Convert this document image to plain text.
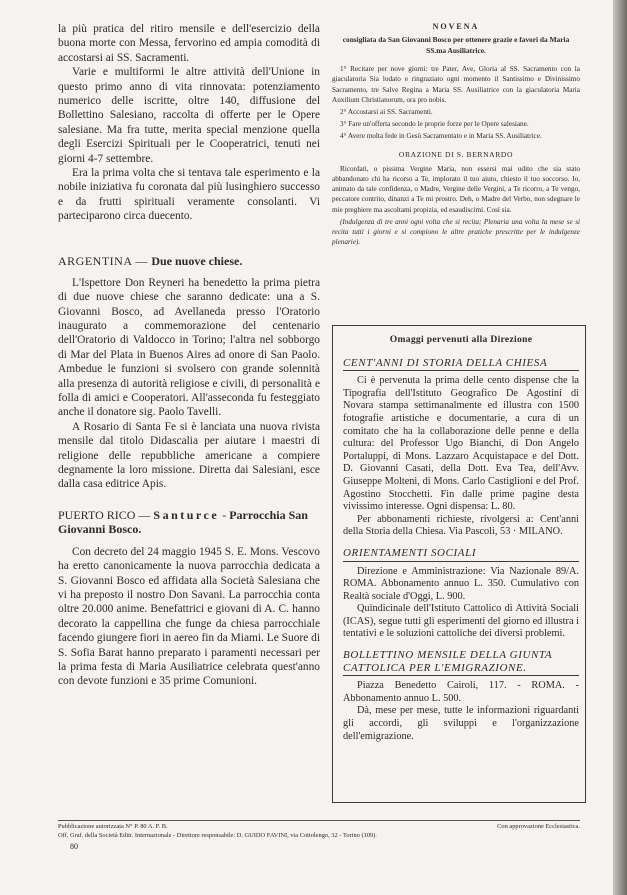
la più pratica del ritiro mensile e dell'esercizio della buona morte con Messa, fervorino ed ampia comodità di accostarsi ai SS. Sacramenti.

Varie e multiformi le altre attività dell'Unione in questo primo anno di vita rinnovata: potenziamento numerico delle iscritte, oltre 140, diffusione del Bollettino Salesiano, raccolta di offerte per le Opere salesiane. Ma fra tutte, merita special menzione quella degli Esercizi Spirituali per le Cooperatrici, tenuti nei giorni 4-7 settembre.

Era la prima volta che si tentava tale esperimento e la nobile iniziativa fu coronata dal più lusinghiero successo e da frutti spirituali veramente consolanti. Vi parteciparono circa duecento.

ARGENTINA — Due nuove chiese.

L'Ispettore Don Reyneri ha benedetto la prima pietra di due nuove chiese che saranno dedicate: una a S. Giovanni Bosco, ad Avellaneda presso l'Oratorio inaugurato a commemorazione del centenario dell'Oratorio di Valdocco in Torino; l'altra nel sobborgo di Mar del Plata in Buenos Aires ad onore di San Paolo. Ambedue le funzioni si svolsero con grande solennità alla presenza di autorità religiose e civili, di personalità e folla di amici e Cooperatori. All'asseconda fu festeggiato anche il donatore sig. Paolo Tavelli.

A Rosario di Santa Fe si è lanciata una nuova rivista mensile dal titolo Didascalia per aiutare i maestri di religione delle repubbliche americane a compiere degnamente la loro missione. Diretta dai Salesiani, esce dalla casa editrice Apis.

PUERTO RICO — Santurce - Parrocchia San Giovanni Bosco.

Con decreto del 24 maggio 1945 S. E. Mons. Vescovo ha eretto canonicamente la nuova parrocchia dedicata a S. Giovanni Bosco ed affidata alla Società Salesiana che vi ha preposto il nostro Don Savani. La parrocchia conta oltre 20.000 anime. Benefattrici e giovani di A. C. hanno decorato la cappellina che funge da chiesa parrocchiale facendo giungere fiori in aereo fin da Miami. Le Suore di S. Sofia Barat hanno preparato i paramenti necessari per la prima festa di Maria Ausiliatrice celebrata quest'anno con devote funzioni e 35 prime Comunioni.

NOVENA
consigliata da San Giovanni Bosco per ottenere grazie e favori da Maria SS.ma Ausiliatrice.

1° Recitare per nove giorni: tre Pater, Ave, Gloria al SS. Sacramento con la giaculatoria Sia lodato e ringraziato ogni momento il Santissimo e Divinissimo Sacramento, tre Salve Regina a Maria SS. Ausiliatrice con la giaculatoria Maria Auxilium Christianorum, ora pro nobis.

2° Accostarsi ai SS. Sacramenti.

3° Fare un'offerta secondo le proprie forze per le Opere salesiane.

4° Avere molta fede in Gesù Sacramentato e in Maria SS. Ausiliatrice.

ORAZIONE DI S. BERNARDO

Ricordati, o pissima Vergine Maria, non essersi mai udito che sia stato abbandonato chi ha ricorso a Te, implorato il tuo aiuto, chiesto il tuo soccorso. Io, animato da tale confidenza, o Madre, Vergine delle Vergini, a Te ricorro, a Te vengo, peccatore contrito, dinanzi a Te mi prostro. Deh, o Madre del Verbo, non sdegnare le mie preghiere ma ascoltami propizia, ed esaudiscimi. Così sia.

(Indulgenza di tre anni ogni volta che si recita; Plenaria una volta la mese se si recita tutti i giorni e si compiono le altre pratiche prescritte per le indulgenze plenarie).

Omaggi pervenuti alla Direzione
CENT'ANNI DI STORIA DELLA CHIESA

Ci è pervenuta la prima delle cento dispense che la Tipografia dell'Istituto Geografico De Agostini di Novara stampa settimanalmente ed illustra con 1500 fotografie artistiche e documentarie, a cura di un comitato che ha la collaborazione delle penne e della cultura: del Professor Ugo Bianchi, di Don Angelo Portaluppi, di Mons. Lazzaro Acquistapace e del Dott. D. Giovanni Casati, della Dott. Eva Tea, dell'Avv. Giuseppe Molteni, di Mons. Carlo Castiglioni e del Prof. Agostino Stocchetti. Fin dalle prime pagine desta vivissimo interesse. Ogni dispensa: L. 80.

Per abbonamenti richieste, rivolgersi a: Cent'anni della Storia della Chiesa. Via Pascoli, 53 · MILANO.

ORIENTAMENTI SOCIALI

Direzione e Amministrazione: Via Nazionale 89/A. ROMA. Abbonamento annuo L. 350. Cumulativo con Realtà sociale d'Oggi, L. 900.

Quindicinale dell'Istituto Cattolico di Attività Sociali (ICAS), segue tutti gli esperimenti del giorno ed illustra i tentativi e le soluzioni cattoliche dei diversi problemi.

BOLLETTINO MENSILE DELLA GIUNTA CATTOLICA PER L'EMIGRAZIONE.

Piazza Benedetto Cairoli, 117. - ROMA. - Abbonamento annuo L. 500.

Dà, mese per mese, tutte le informazioni riguardanti gli accordi, gli sviluppi e l'organizzazione dell'emigrazione.

Pubblicazione autorizzata N° P. 80 A. P. B.	Con approvazione Ecclesiastica.
Off. Graf. della Società Editr. Internazionale - Direttore responsabile: D. GUIDO FAVINI, via Cottolengo, 32 - Torino (109).
80
